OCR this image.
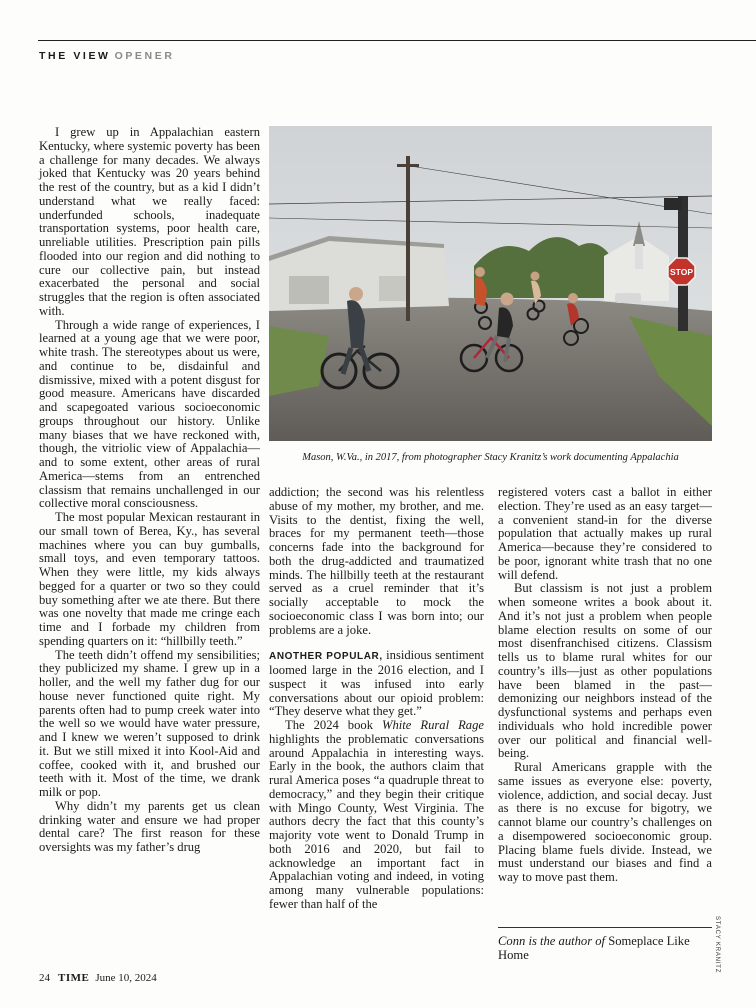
THE VIEW OPENER

I grew up in Appalachian eastern Kentucky, where systemic poverty has been a challenge for many decades. We always joked that Kentucky was 20 years behind the rest of the country, but as a kid I didn’t understand what we really faced: underfunded schools, inadequate transportation systems, poor health care, unreliable utilities. Prescription pain pills flooded into our region and did nothing to cure our collective pain, but instead exacerbated the personal and social struggles that the region is often associated with.

Through a wide range of experiences, I learned at a young age that we were poor, white trash. The stereotypes about us were, and continue to be, disdainful and dismissive, mixed with a potent disgust for good measure. Americans have discarded and scapegoated various socioeconomic groups throughout our history. Unlike many biases that we have reckoned with, though, the vitriolic view of Appalachia—and to some extent, other areas of rural America—stems from an entrenched classism that remains unchallenged in our collective moral consciousness.

The most popular Mexican restaurant in our small town of Berea, Ky., has several machines where you can buy gumballs, small toys, and even temporary tattoos. When they were little, my kids always begged for a quarter or two so they could buy something after we ate there. But there was one novelty that made me cringe each time and I forbade my children from spending quarters on it: “hillbilly teeth.”

The teeth didn’t offend my sensibilities; they publicized my shame. I grew up in a holler, and the well my father dug for our house never functioned quite right. My parents often had to pump creek water into the well so we would have water pressure, and I knew we weren’t supposed to drink it. But we still mixed it into Kool-Aid and coffee, cooked with it, and brushed our teeth with it. Most of the time, we drank milk or pop.

Why didn’t my parents get us clean drinking water and ensure we had proper dental care? The first reason for these oversights was my father’s drug

STOP
Mason, W.Va., in 2017, from photographer Stacy Kranitz’s work documenting Appalachia
STACY KRANITZ

addiction; the second was his relentless abuse of my mother, my brother, and me. Visits to the dentist, fixing the well, braces for my permanent teeth—those concerns fade into the background for both the drug-addicted and traumatized minds. The hillbilly teeth at the restaurant served as a cruel reminder that it’s socially acceptable to mock the socioeconomic class I was born into; our problems are a joke.

ANOTHER POPULAR, insidious sentiment loomed large in the 2016 election, and I suspect it was infused into early conversations about our opioid problem: “They deserve what they get.”

The 2024 book White Rural Rage highlights the problematic conversations around Appalachia in interesting ways. Early in the book, the authors claim that rural America poses “a quadruple threat to democracy,” and they begin their critique with Mingo County, West Virginia. The authors decry the fact that this county’s majority vote went to Donald Trump in both 2016 and 2020, but fail to acknowledge an important fact in Appalachian voting and indeed, in voting among many vulnerable populations: fewer than half of the

registered voters cast a ballot in either election. They’re used as an easy target—a convenient stand-in for the diverse population that actually makes up rural America—because they’re considered to be poor, ignorant white trash that no one will defend.

But classism is not just a problem when someone writes a book about it. And it’s not just a problem when people blame election results on some of our most disenfranchised citizens. Classism tells us to blame rural whites for our country’s ills—just as other populations have been blamed in the past—demonizing our neighbors instead of the dysfunctional systems and perhaps even individuals who hold incredible power over our political and financial well-being.

Rural Americans grapple with the same issues as everyone else: poverty, violence, addiction, and social decay. Just as there is no excuse for bigotry, we cannot blame our country’s challenges on a disempowered socioeconomic group. Placing blame fuels divide. Instead, we must understand our biases and find a way to move past them.

Conn is the author of Someplace Like Home
24 TIME June 10, 2024
